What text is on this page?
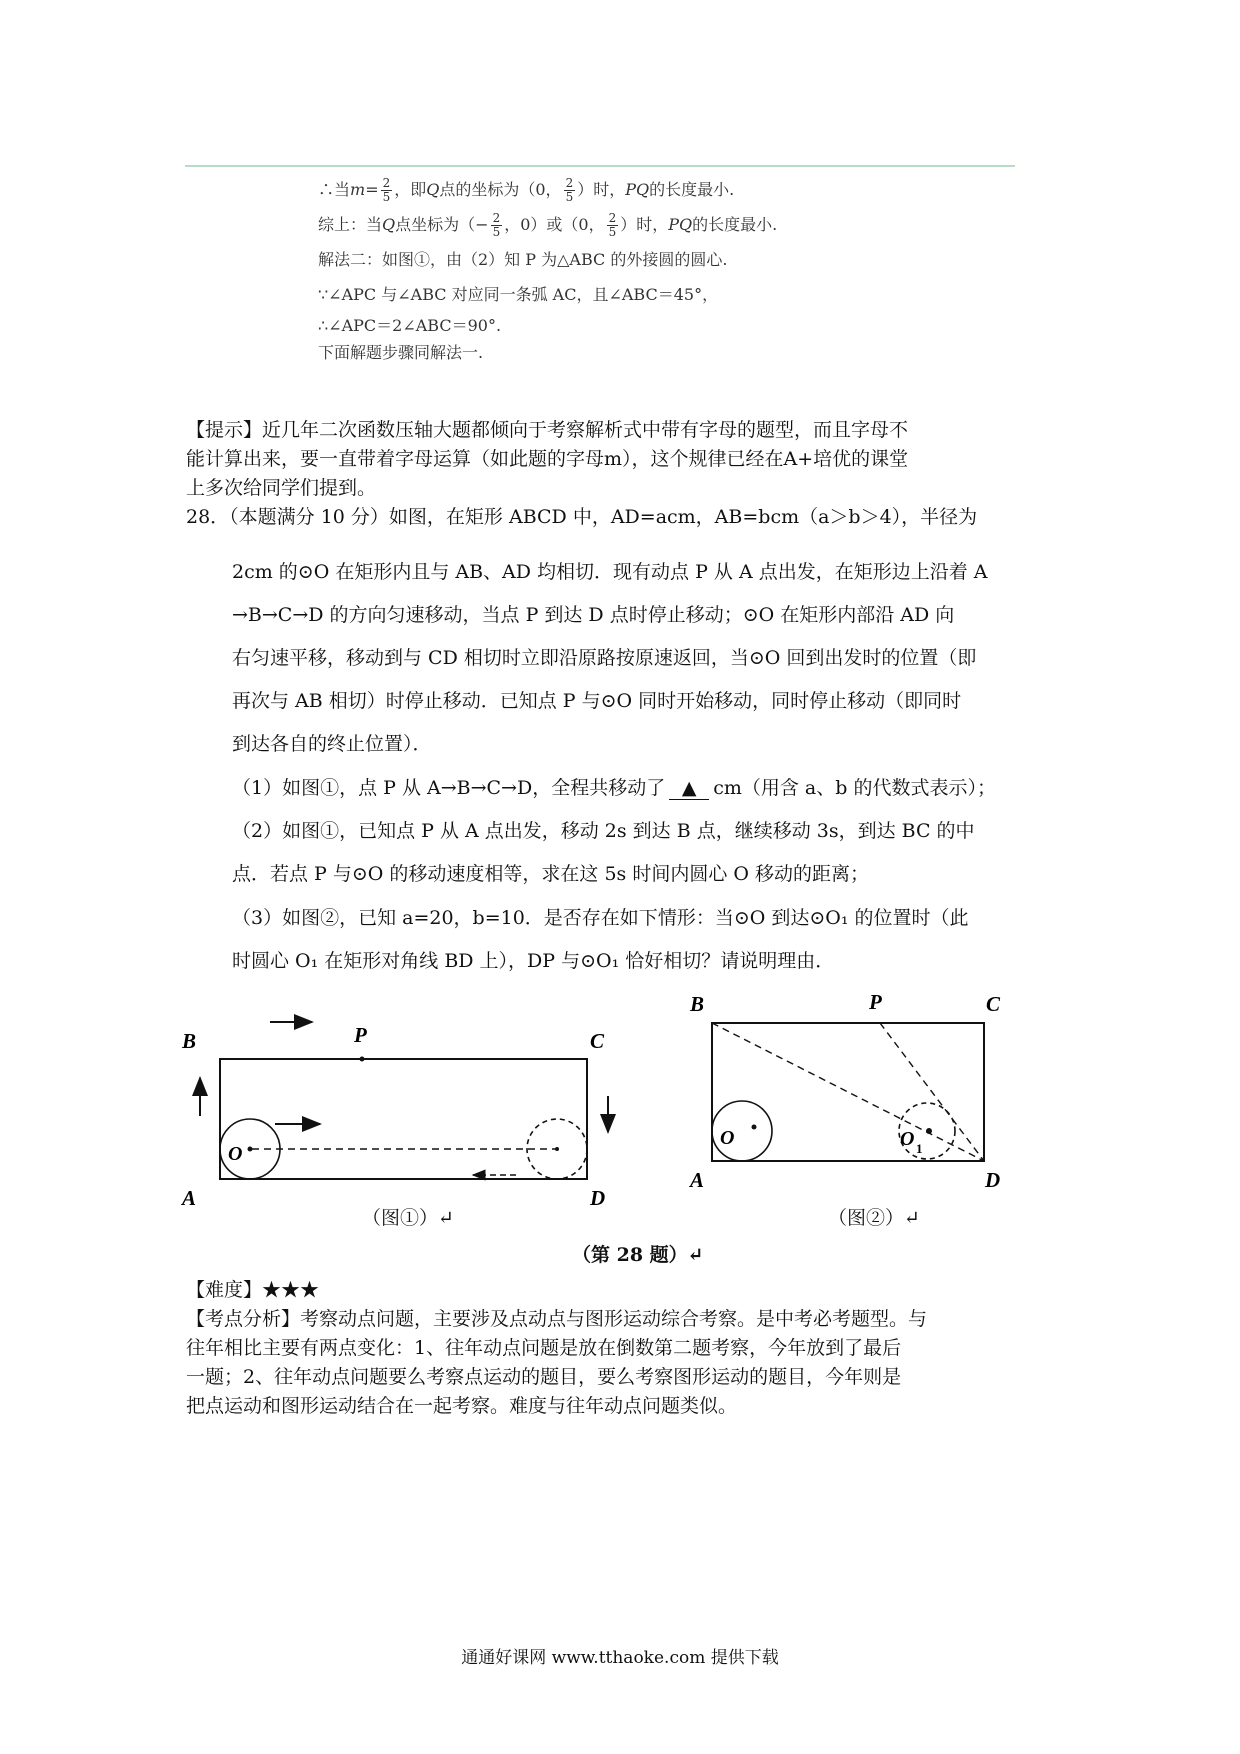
∴当$m= \frac{2}{5}$ ，即Q点的坐标为（0， $\frac{2}{5}$ ）时，PQ的长度最小.
综上：当Q点坐标为（− $\frac{2}{5}$ ，0）或（0， $\frac{2}{5}$ ）时，PQ的长度最小.
解法二：如图①，由（2）知 P 为△ABC 的外接圆的圆心.
∵∠APC 与∠ABC 对应同一条弧 AC，且∠ABC＝45°，
∴∠APC＝2∠ABC＝90°.
下面解题步骤同解法一.
【提示】近几年二次函数压轴大题都倾向于考察解析式中带有字母的题型，而且字母不
能计算出来，要一直带着字母运算（如此题的字母m），这个规律已经在A+培优的课堂
上多次给同学们提到。
28．（本题满分 10 分）如图，在矩形 ABCD 中，AD=acm，AB=bcm（a＞b＞4），半径为
2cm 的⊙O 在矩形内且与 AB、AD 均相切．现有动点 P 从 A 点出发，在矩形边上沿着 A
→B→C→D 的方向匀速移动，当点 P 到达 D 点时停止移动；⊙O 在矩形内部沿 AD 向
右匀速平移，移动到与 CD 相切时立即沿原路按原速返回，当⊙O 回到出发时的位置（即
再次与 AB 相切）时停止移动．已知点 P 与⊙O 同时开始移动，同时停止移动（即同时
到达各自的终止位置）．
（1）如图①，点 P 从 A→B→C→D，全程共移动了 ▲ cm（用含 a、b 的代数式表示）；
（2）如图①，已知点 P 从 A 点出发，移动 2s 到达 B 点，继续移动 3s，到达 BC 的中
点．若点 P 与⊙O 的移动速度相等，求在这 5s 时间内圆心 O 移动的距离；
（3）如图②，已知 a=20，b=10．是否存在如下情形：当⊙O 到达⊙O₁ 的位置时（此
时圆心 O₁ 在矩形对角线 BD 上），DP 与⊙O₁ 恰好相切？请说明理由．
B	P	C
A	D
O
（图①）↵
B	P	C
A	D
O	O 1
（图②）↵
（第 28 题）↵
【难度】★★★
【考点分析】考察动点问题，主要涉及点动点与图形运动综合考察。是中考必考题型。与
往年相比主要有两点变化：1、往年动点问题是放在倒数第二题考察，今年放到了最后
一题；2、往年动点问题要么考察点运动的题目，要么考察图形运动的题目，今年则是
把点运动和图形运动结合在一起考察。难度与往年动点问题类似。
通通好课网 www.tthaoke.com 提供下载
